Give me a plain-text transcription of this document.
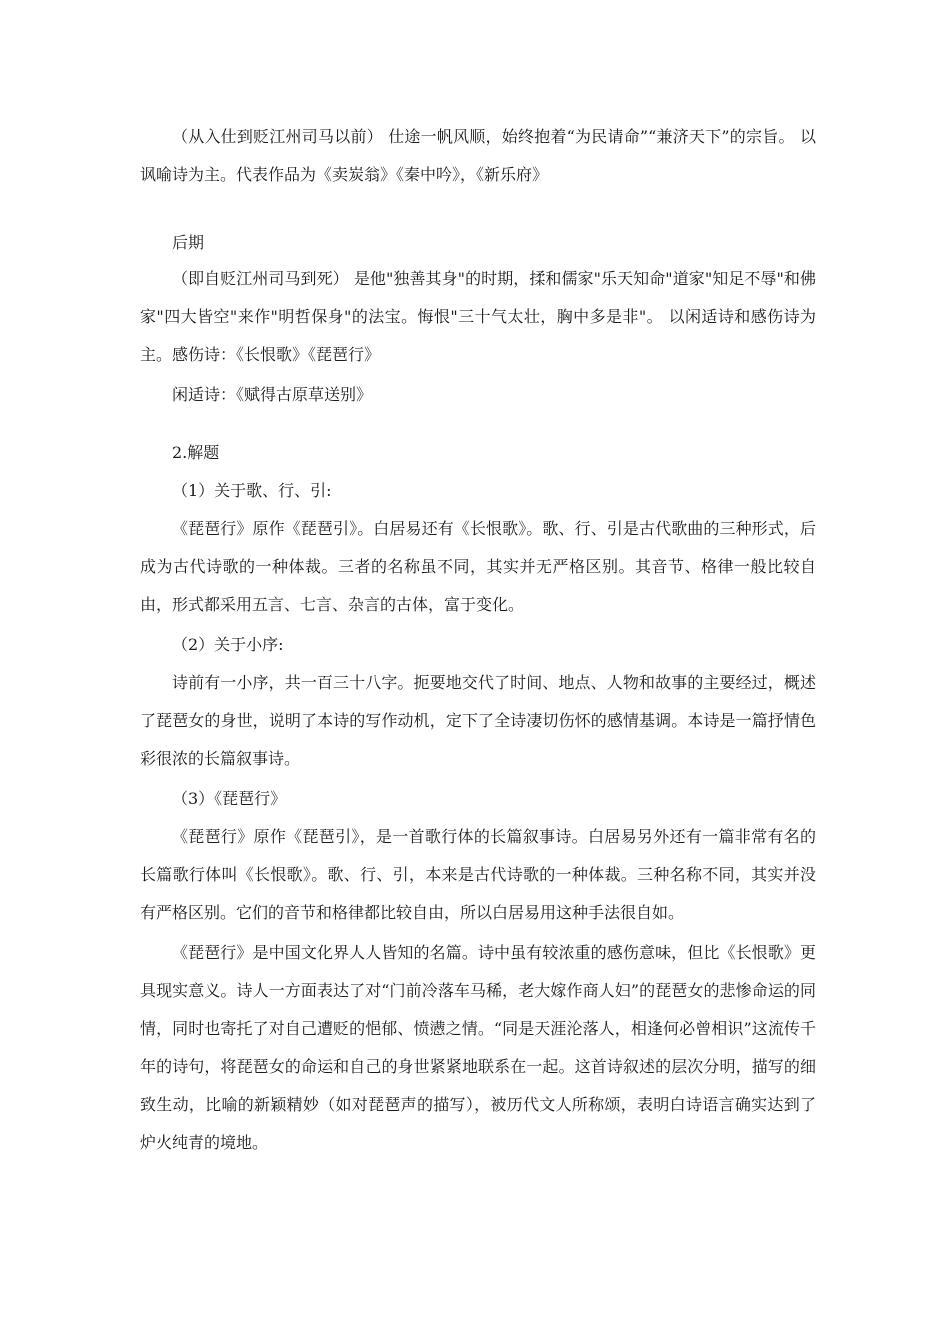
（从入仕到贬江州司马以前） 仕途一帆风顺，始终抱着“为民请命”“兼济天下”的宗旨。 以讽喻诗为主。代表作品为《卖炭翁》《秦中吟》，《新乐府》

后期

（即自贬江州司马到死） 是他"独善其身"的时期，揉和儒家"乐天知命"道家"知足不辱"和佛家"四大皆空"来作"明哲保身"的法宝。悔恨"三十气太壮，胸中多是非"。 以闲适诗和感伤诗为主。感伤诗：《长恨歌》《琵琶行》

闲适诗：《赋得古原草送别》

2.解题

（1）关于歌、行、引:

《琵琶行》原作《琵琶引》。白居易还有《长恨歌》。歌、行、引是古代歌曲的三种形式，后成为古代诗歌的一种体裁。三者的名称虽不同，其实并无严格区别。其音节、格律一般比较自由，形式都采用五言、七言、杂言的古体，富于变化。

（2）关于小序:

诗前有一小序，共一百三十八字。扼要地交代了时间、地点、人物和故事的主要经过，概述了琵琶女的身世，说明了本诗的写作动机，定下了全诗凄切伤怀的感情基调。本诗是一篇抒情色彩很浓的长篇叙事诗。

（3）《琵琶行》

《琵琶行》原作《琵琶引》，是一首歌行体的长篇叙事诗。白居易另外还有一篇非常有名的长篇歌行体叫《长恨歌》。歌、行、引，本来是古代诗歌的一种体裁。三种名称不同，其实并没有严格区别。它们的音节和格律都比较自由，所以白居易用这种手法很自如。

《琵琶行》是中国文化界人人皆知的名篇。诗中虽有较浓重的感伤意味，但比《长恨歌》更具现实意义。诗人一方面表达了对“门前冷落车马稀，老大嫁作商人妇”的琵琶女的悲惨命运的同情，同时也寄托了对自己遭贬的悒郁、愤懑之情。“同是天涯沦落人，相逢何必曾相识”这流传千年的诗句，将琵琶女的命运和自己的身世紧紧地联系在一起。这首诗叙述的层次分明，描写的细致生动，比喻的新颖精妙（如对琵琶声的描写），被历代文人所称颂，表明白诗语言确实达到了炉火纯青的境地。
